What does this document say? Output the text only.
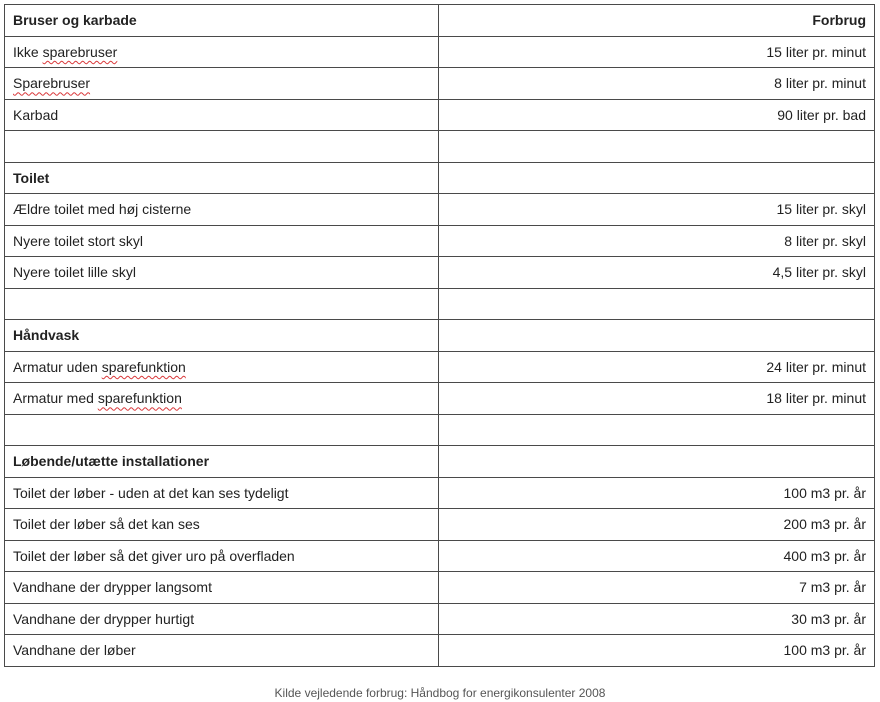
Bruser og karbade	Forbrug
Ikke sparebruser	15 liter pr. minut
Sparebruser	8 liter pr. minut
Karbad	90 liter pr. bad

Toilet	
Ældre toilet med høj cisterne	15 liter pr. skyl
Nyere toilet stort skyl	8 liter pr. skyl
Nyere toilet lille skyl	4,5 liter pr. skyl

Håndvask	
Armatur uden sparefunktion	24 liter pr. minut
Armatur med sparefunktion	18 liter pr. minut

Løbende/utætte installationer	
Toilet der løber - uden at det kan ses tydeligt	100 m3 pr. år
Toilet der løber så det kan ses	200 m3 pr. år
Toilet der løber så det giver uro på overfladen	400 m3 pr. år
Vandhane der drypper langsomt	7 m3 pr. år
Vandhane der drypper hurtigt	30 m3 pr. år
Vandhane der løber	100 m3 pr. år
Kilde vejledende forbrug: Håndbog for energikonsulenter 2008
